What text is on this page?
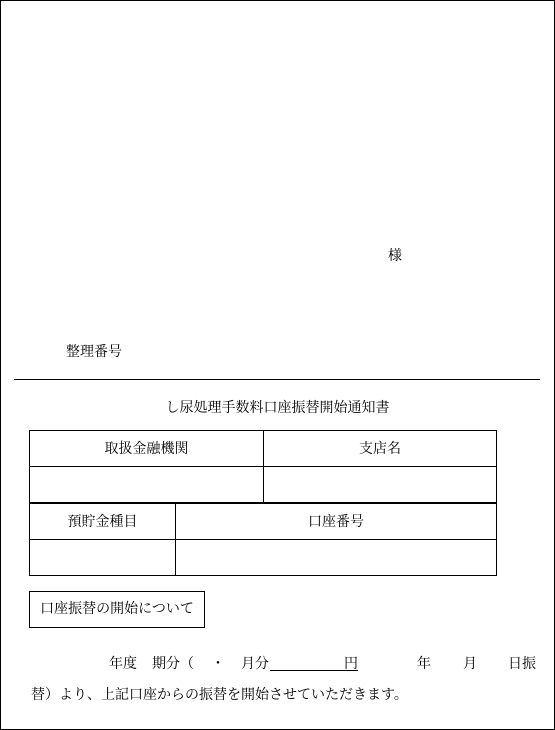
様
整理番号
し尿処理手数料口座振替開始通知書
取扱金融機関	支店名

預貯金種目	口座番号

口座振替の開始について
年度 期分（ ・ 月分	円	年 月 日振
替）より、上記口座からの振替を開始させていただきます。
